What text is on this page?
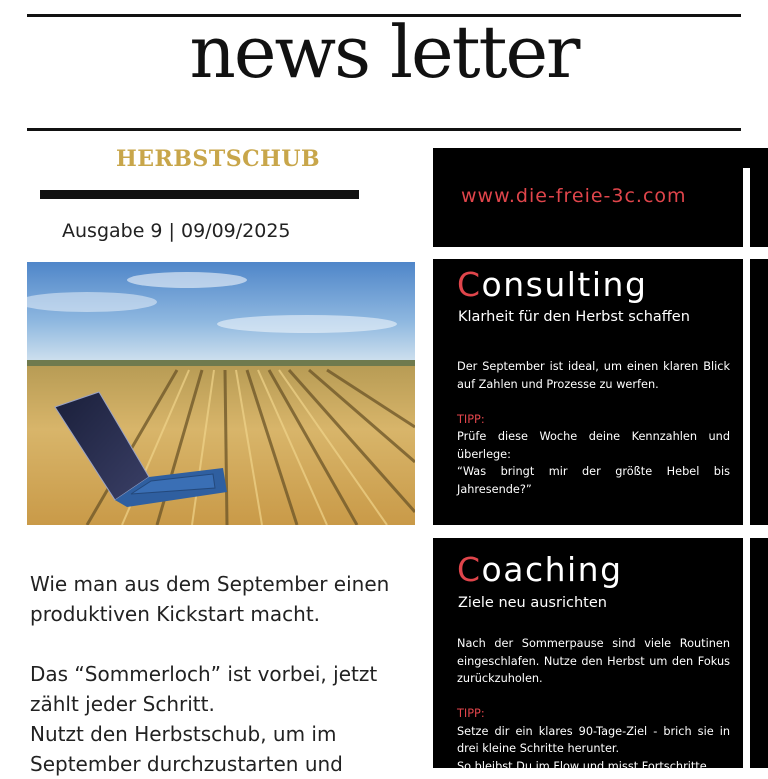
news letter
HERBSTSCHUB
Ausgabe 9 | 09/09/2025

Wie man aus dem September einen produktiven Kickstart macht.

Das “Sommerloch” ist vorbei, jetzt zählt jeder Schritt.

Nutzt den Herbstschub, um im September durchzustarten und

www.die-freie-3c.com
Consulting
Klarheit für den Herbst schaffen

Der September ist ideal, um einen klaren Blick auf Zahlen und Prozesse zu werfen.

TIPP:

Prüfe diese Woche deine Kennzahlen und überlege:

“Was bringt mir der größte Hebel bis Jahresende?”

Coaching
Ziele neu ausrichten

Nach der Sommerpause sind viele Routinen eingeschlafen. Nutze den Herbst um den Fokus zurückzuholen.

TIPP:

Setze dir ein klares 90-Tage-Ziel - brich sie in drei kleine Schritte herunter.

So bleibst Du im Flow und misst Fortschritte
